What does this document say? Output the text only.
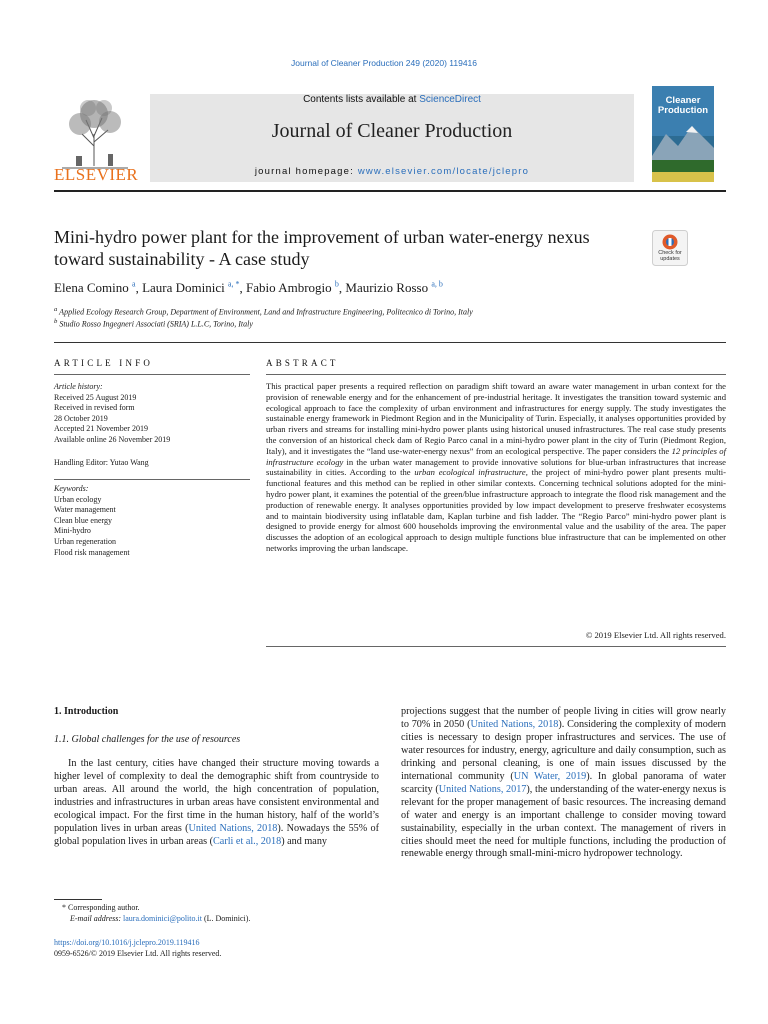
Journal of Cleaner Production 249 (2020) 119416
ELSEVIER
Contents lists available at ScienceDirect
Journal of Cleaner Production
journal homepage: www.elsevier.com/locate/jclepro
Cleaner
Production
Mini-hydro power plant for the improvement of urban water-energy nexus toward sustainability - A case study	Check for updates
Elena Comino $^a$, Laura Dominici $^{a, *}$, Fabio Ambrogio $^b$, Maurizio Rosso $^{a, b}$
$^a$ Applied Ecology Research Group, Department of Environment, Land and Infrastructure Engineering, Politecnico di Torino, Italy
$^b$ Studio Rosso Ingegneri Associati (SRIA) L.L.C, Torino, Italy
ARTICLE INFO
Article history:
Received 25 August 2019
Received in revised form
28 October 2019
Accepted 21 November 2019
Available online 26 November 2019
Handling Editor: Yutao Wang
Keywords:
Urban ecology
Water management
Clean blue energy
Mini-hydro
Urban regeneration
Flood risk management
ABSTRACT
This practical paper presents a required reflection on paradigm shift toward an aware water management in urban context for the provision of renewable energy and for the enhancement of pre-industrial heritage. It investigates the transition toward systemic and ecological approach to face the complexity of urban environment and infrastructures for energy supply. The study investigates the sustainable energy framework in Piedmont Region and in the Municipality of Turin. Especially, it analyses opportunities provided by urban rivers and streams for installing mini-hydro power plants using historical unused infrastructures. The real case study presents the conversion of an historical check dam of Regio Parco canal in a mini-hydro power plant in the city of Turin (Piedmont Region, Italy), and it investigates the “land use-water-energy nexus” from an ecological perspective. The paper considers the 12 principles of infrastructure ecology in the urban water management to provide innovative solutions for blue-urban infrastructures that increase sustainability in cities. According to the urban ecological infrastructure, the project of mini-hydro power plant presents multi-functional features and this method can be replied in other similar contexts. Concerning technical solutions adopted for the mini-hydro power plant, it examines the potential of the green/blue infrastructure approach to integrate the flood risk management and the production of renewable energy. It analyses opportunities provided by low impact development to preserve freshwater ecosystems and to maintain biodiversity using inflatable dam, Kaplan turbine and fish ladder. The “Regio Parco” mini-hydro power plant is designed to provide energy for almost 600 households improving the environmental value and the usability of the area. The paper discusses the adoption of an ecological approach to design multiple functions blue infrastructure that can be implemented on other networks improving the urban landscape.
© 2019 Elsevier Ltd. All rights reserved.
1. Introduction
1.1. Global challenges for the use of resources
In the last century, cities have changed their structure moving towards a higher level of complexity to deal the demographic shift from countryside to urban areas. All around the world, the high concentration of population, industries and infrastructures in urban areas have consistent environmental and ecological impact. For the first time in the human history, half of the world’s population lives in urban areas (United Nations, 2018). Nowadays the 55% of global population lives in urban areas (Carli et al., 2018) and many
projections suggest that the number of people living in cities will grow nearly to 70% in 2050 (United Nations, 2018). Considering the complexity of modern cities is necessary to design proper infrastructures and services. The use of water resources for industry, energy, agriculture and daily consumption, such as drinking and personal cleaning, is one of main issues discussed by the international community (UN Water, 2019). In global panorama of water scarcity (United Nations, 2017), the understanding of the water-energy nexus is relevant for the proper management of basic resources. The increasing demand of water and energy is an important challenge to consider moving toward sustainability, especially in the urban context. The management of rivers in cities should meet the need for multiple functions, including the production of renewable energy through small-mini-micro hydropower technology.
* Corresponding author.
E-mail address: laura.dominici@polito.it (L. Dominici).
https://doi.org/10.1016/j.jclepro.2019.119416
0959-6526/© 2019 Elsevier Ltd. All rights reserved.
